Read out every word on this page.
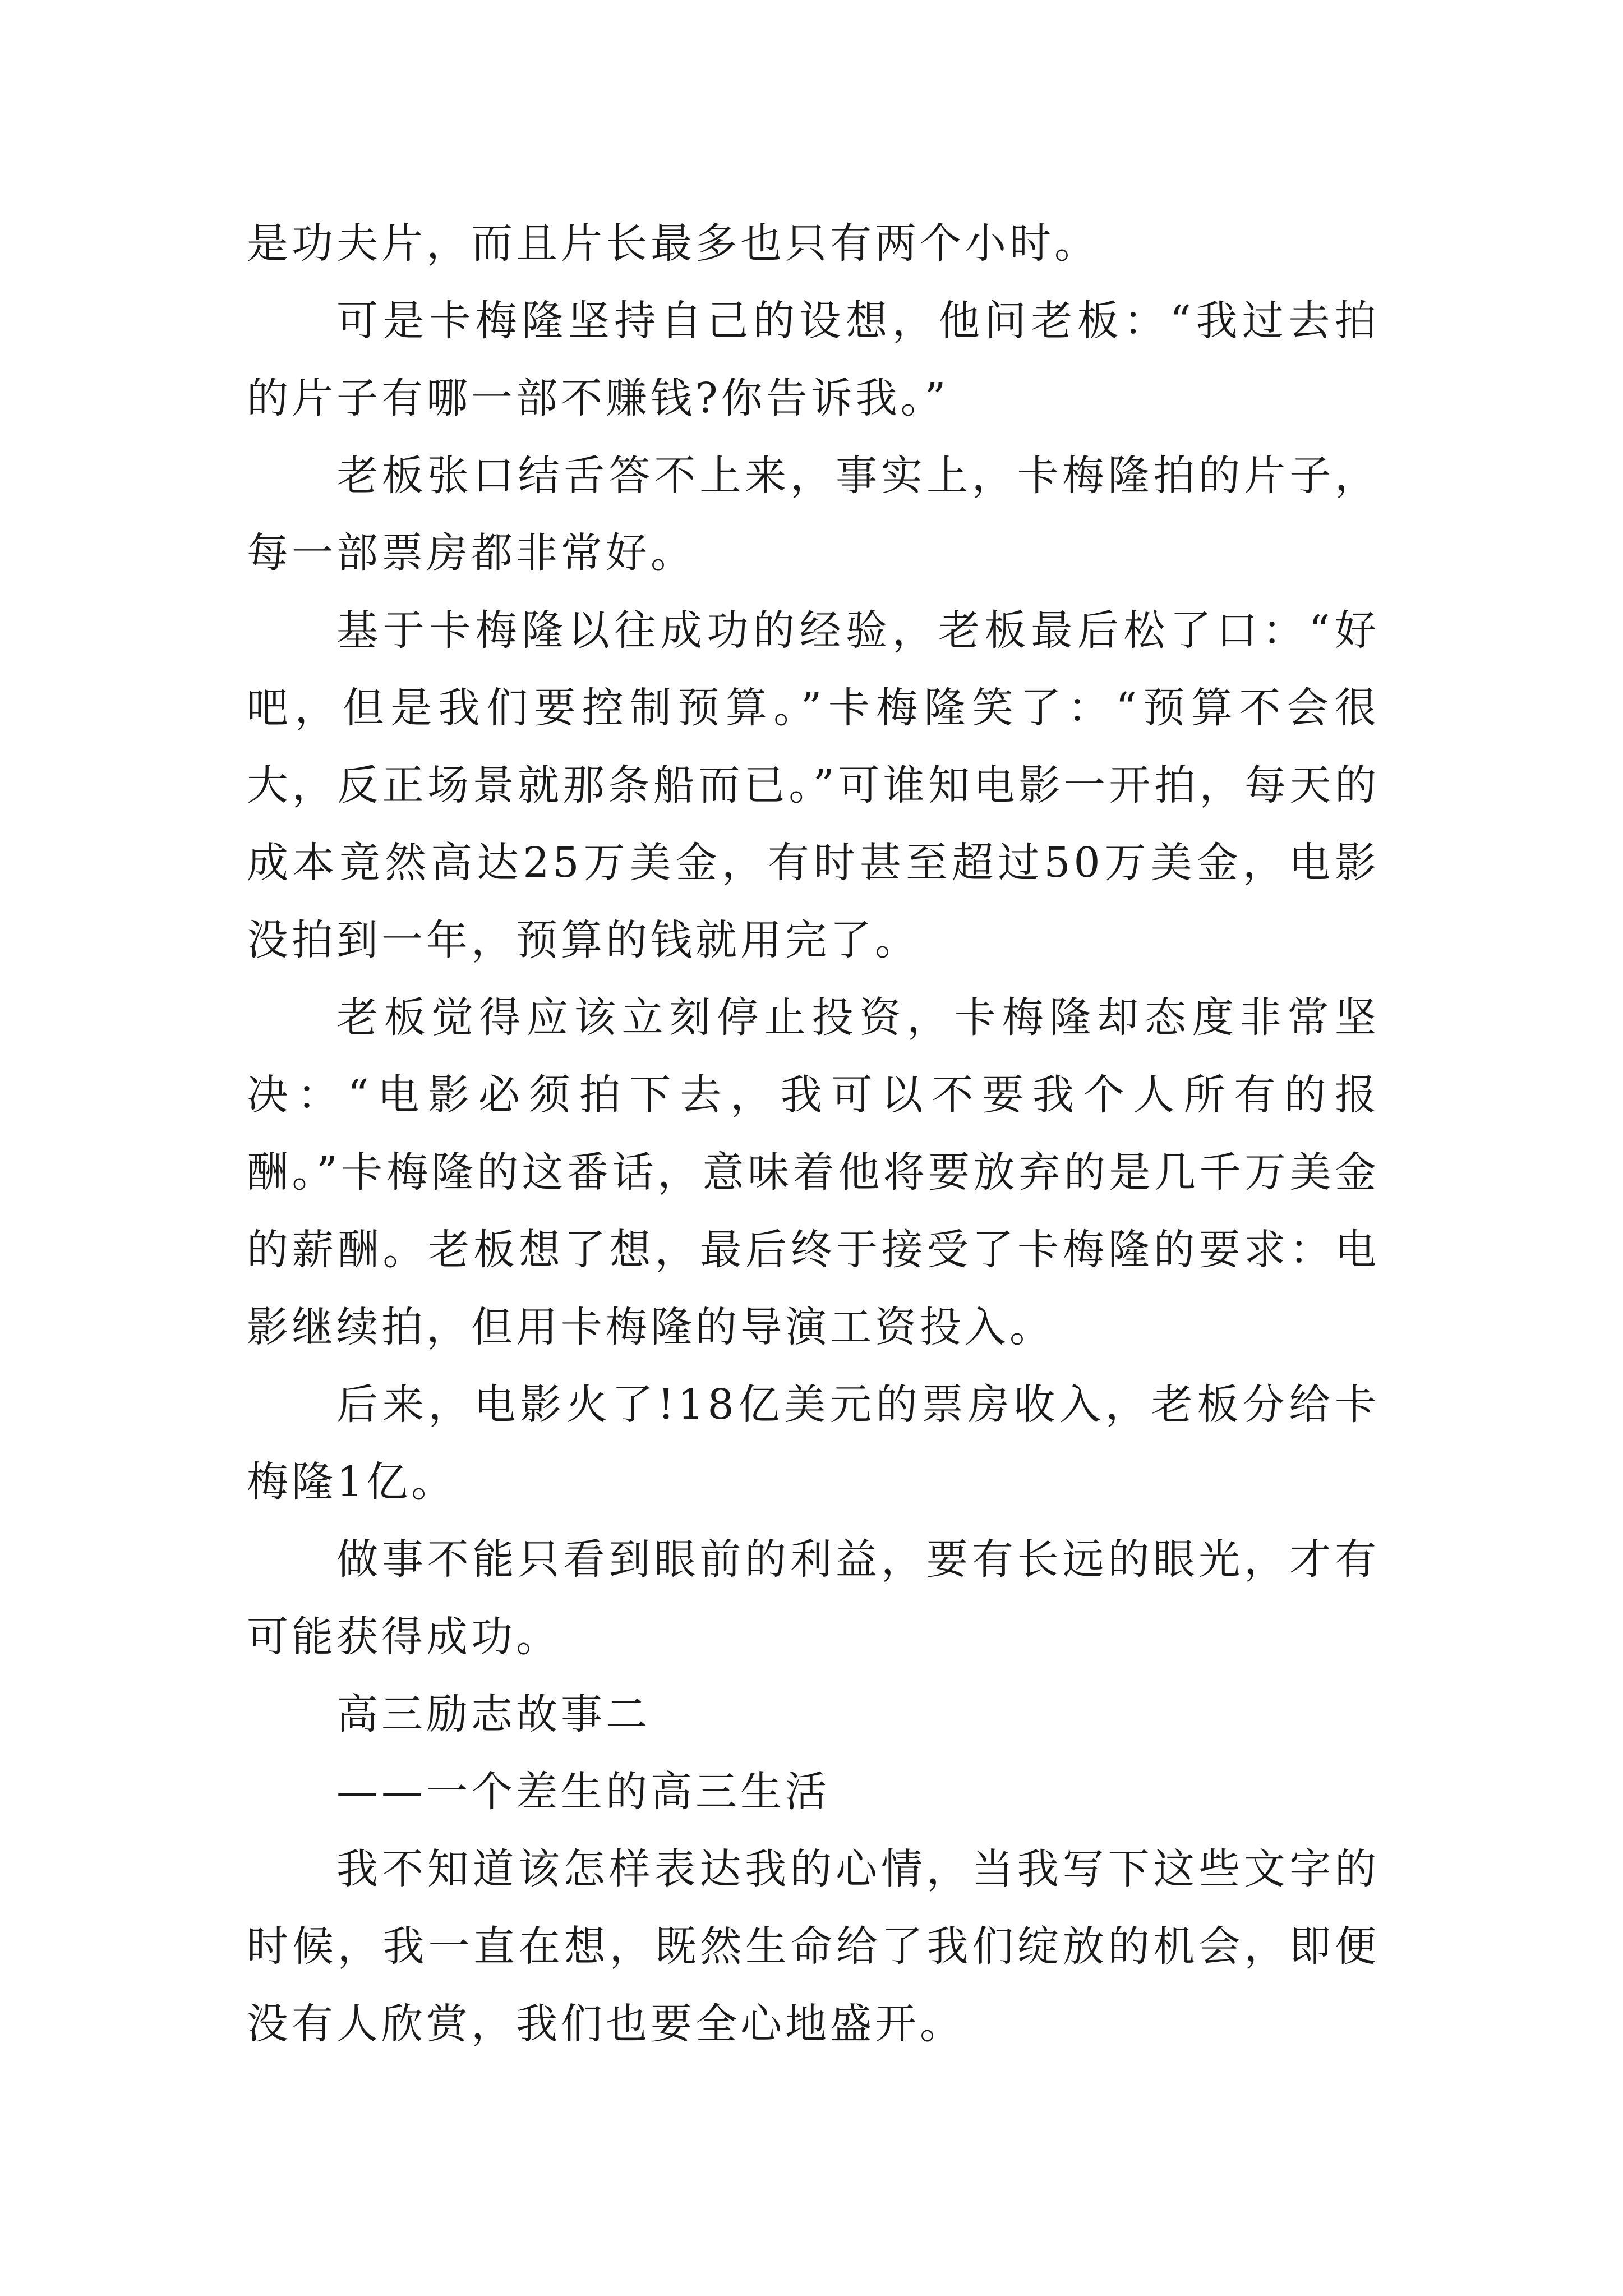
是功夫片，而且片长最多也只有两个小时。

可是卡梅隆坚持自己的设想，他问老板：“我过去拍的片子有哪一部不赚钱?你告诉我。”

老板张口结舌答不上来，事实上，卡梅隆拍的片子，每一部票房都非常好。

基于卡梅隆以往成功的经验，老板最后松了口：“好吧，但是我们要控制预算。”卡梅隆笑了：“预算不会很大，反正场景就那条船而已。”可谁知电影一开拍，每天的成本竟然高达25万美金，有时甚至超过50万美金，电影没拍到一年，预算的钱就用完了。

老板觉得应该立刻停止投资，卡梅隆却态度非常坚决：“电影必须拍下去，我可以不要我个人所有的报酬。”卡梅隆的这番话，意味着他将要放弃的是几千万美金的薪酬。老板想了想，最后终于接受了卡梅隆的要求：电影继续拍，但用卡梅隆的导演工资投入。

后来，电影火了!18亿美元的票房收入，老板分给卡梅隆1亿。

做事不能只看到眼前的利益，要有长远的眼光，才有可能获得成功。

高三励志故事二

——一个差生的高三生活

我不知道该怎样表达我的心情，当我写下这些文字的时候，我一直在想，既然生命给了我们绽放的机会，即便没有人欣赏，我们也要全心地盛开。
